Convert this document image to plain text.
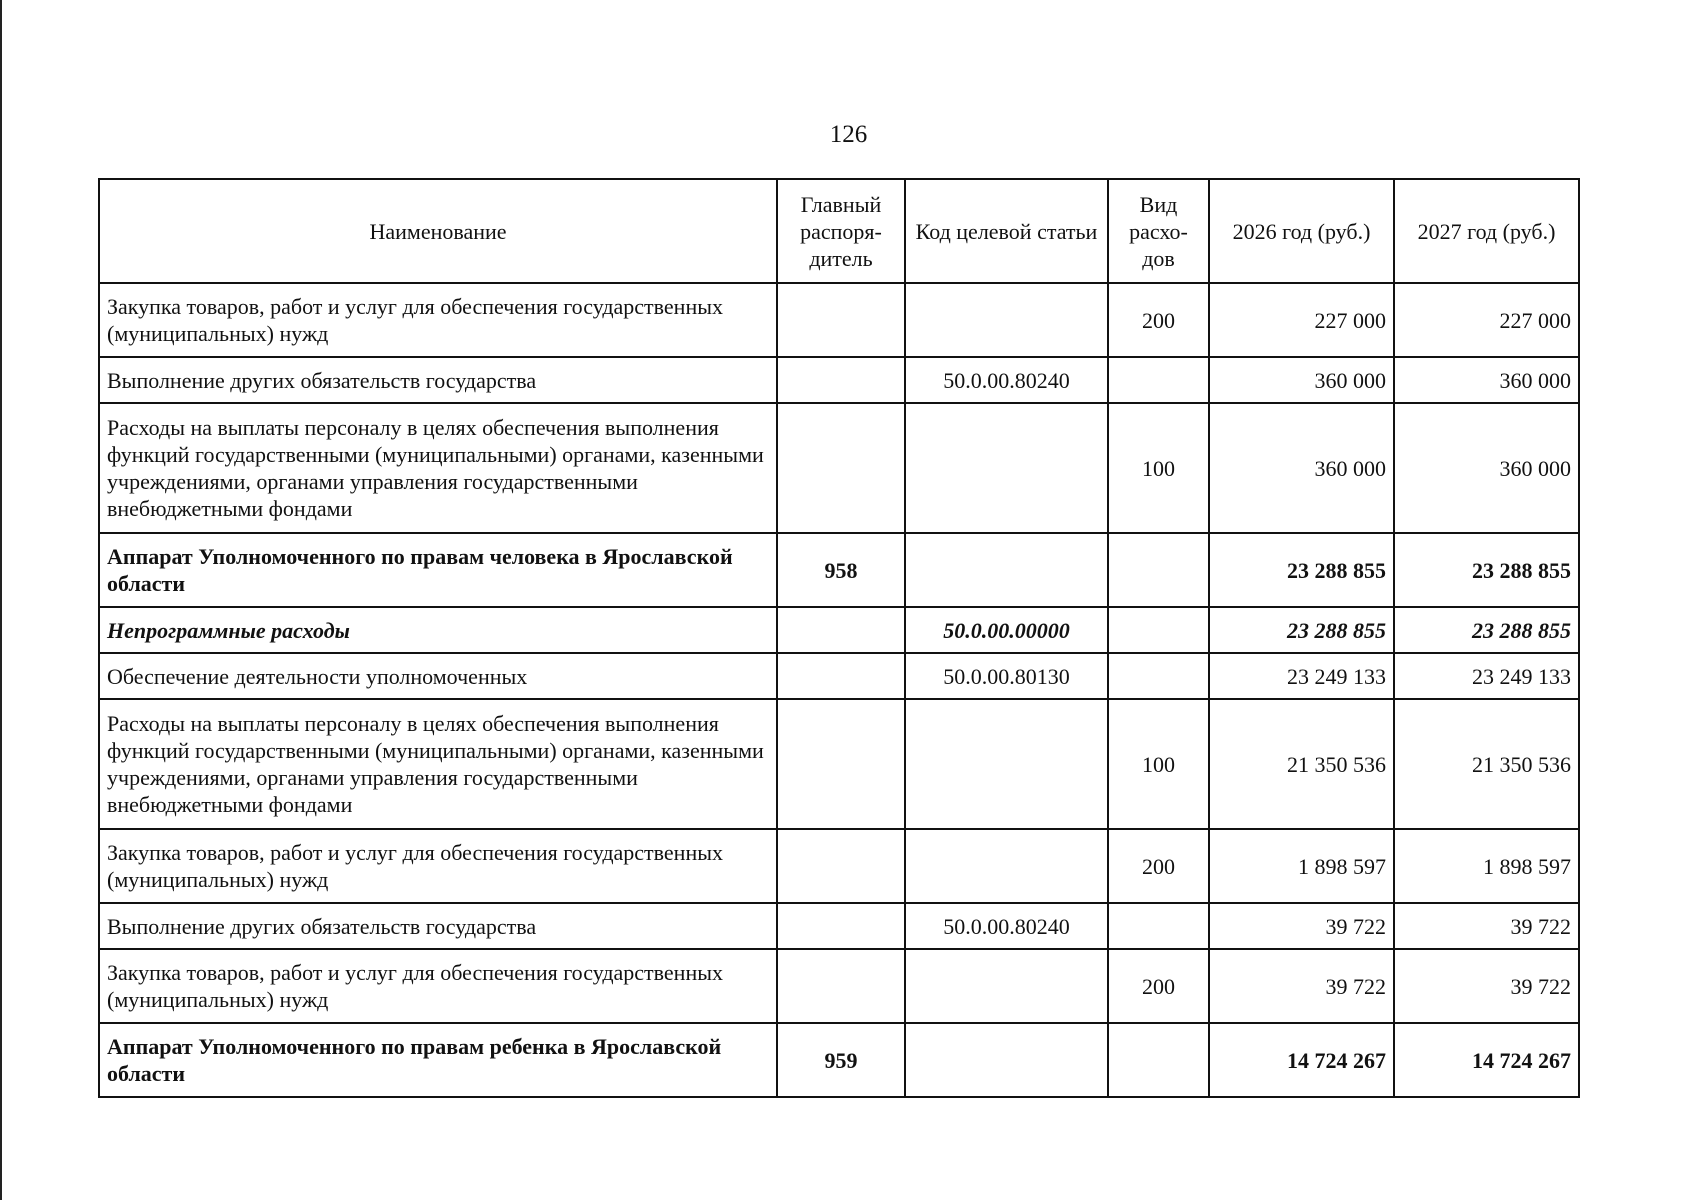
126
Наименование	Главный распоря-дитель	Код целевой статьи	Вид расхо-дов	2026 год (руб.)	2027 год (руб.)
Закупка товаров, работ и услуг для обеспечения государственных (муниципальных) нужд			200	227 000	227 000
Выполнение других обязательств государства		50.0.00.80240		360 000	360 000
Расходы на выплаты персоналу в целях обеспечения выполнения функций государственными (муниципальными) органами, казенными учреждениями, органами управления государственными внебюджетными фондами			100	360 000	360 000
Аппарат Уполномоченного по правам человека в Ярославской области	958			23 288 855	23 288 855
Непрограммные расходы		50.0.00.00000		23 288 855	23 288 855
Обеспечение деятельности уполномоченных		50.0.00.80130		23 249 133	23 249 133
Расходы на выплаты персоналу в целях обеспечения выполнения функций государственными (муниципальными) органами, казенными учреждениями, органами управления государственными внебюджетными фондами			100	21 350 536	21 350 536
Закупка товаров, работ и услуг для обеспечения государственных (муниципальных) нужд			200	1 898 597	1 898 597
Выполнение других обязательств государства		50.0.00.80240		39 722	39 722
Закупка товаров, работ и услуг для обеспечения государственных (муниципальных) нужд			200	39 722	39 722
Аппарат Уполномоченного по правам ребенка в Ярославской области	959			14 724 267	14 724 267
